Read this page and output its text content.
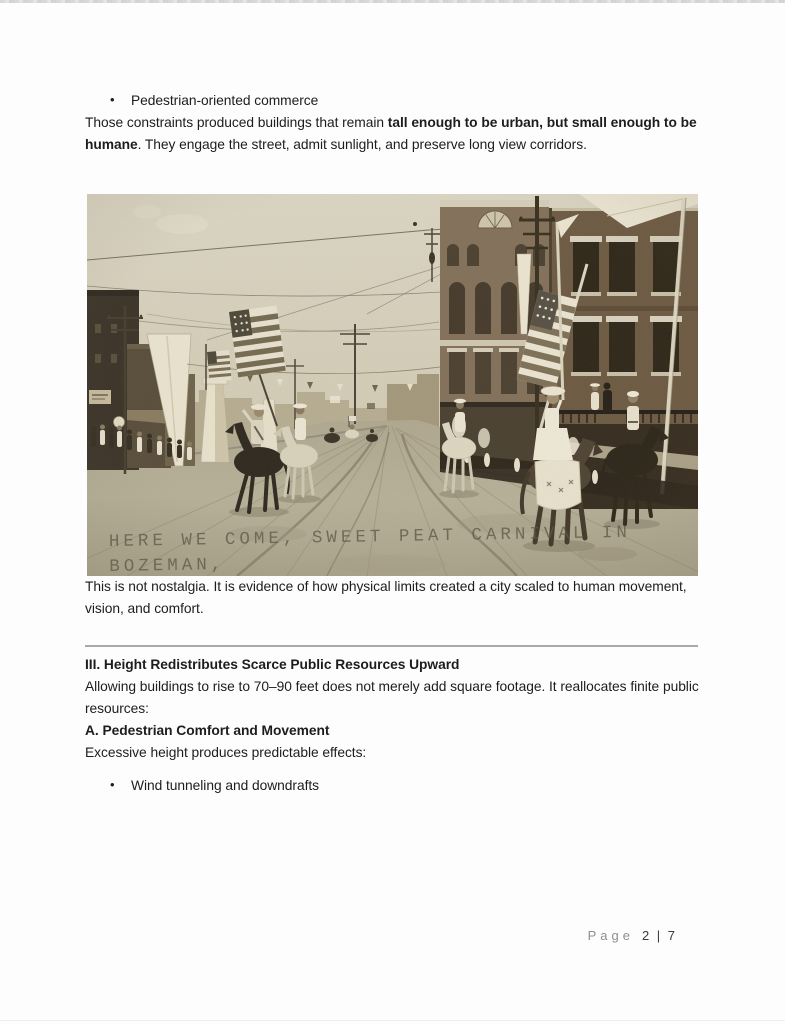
• Pedestrian-oriented commerce

Those constraints produced buildings that remain tall enough to be urban, but small enough to be humane. They engage the street, admit sunlight, and preserve long view corridors.

This is not nostalgia. It is evidence of how physical limits created a city scaled to human movement, vision, and comfort.

III. Height Redistributes Scarce Public Resources Upward

Allowing buildings to rise to 70–90 feet does not merely add square footage. It reallocates finite public resources:

A. Pedestrian Comfort and Movement

Excessive height produces predictable effects:

• Wind tunneling and downdrafts
Page 2 | 7
